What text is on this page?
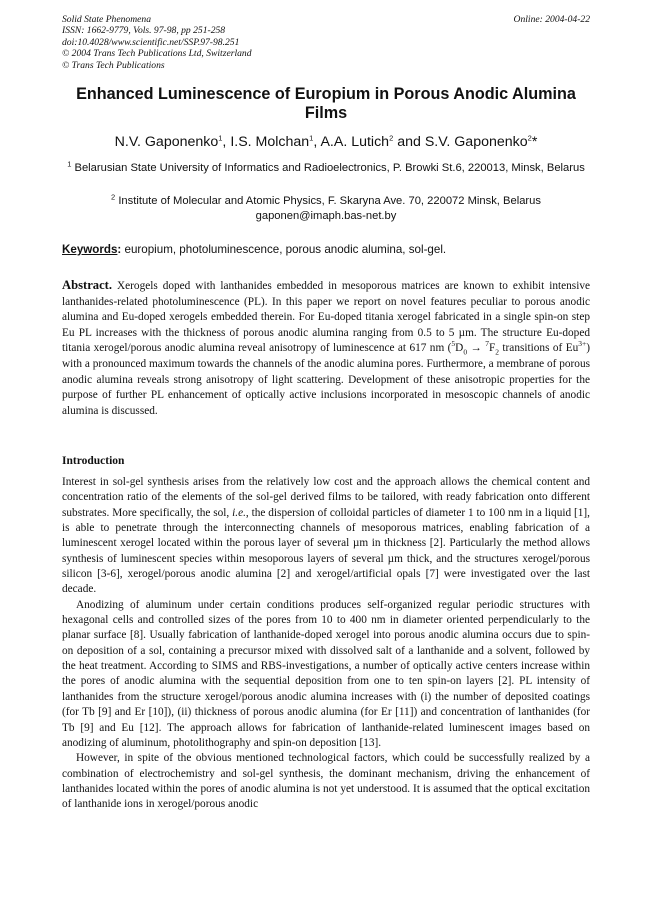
Solid State Phenomena
ISSN: 1662-9779, Vols. 97-98, pp 251-258
doi:10.4028/www.scientific.net/SSP.97-98.251
© 2004 Trans Tech Publications Ltd, Switzerland
© Trans Tech Publications
Online: 2004-04-22
Enhanced Luminescence of Europium in Porous Anodic Alumina Films
N.V. Gaponenko$^1$, I.S. Molchan$^1$, A.A. Lutich$^2$ and S.V. Gaponenko$^2$*
$^1$ Belarusian State University of Informatics and Radioelectronics, P. Browki St.6, 220013, Minsk, Belarus
$^2$ Institute of Molecular and Atomic Physics, F. Skaryna Ave. 70, 220072 Minsk, Belarus
gaponen@imaph.bas-net.by
Keywords: europium, photoluminescence, porous anodic alumina, sol-gel.
Abstract. Xerogels doped with lanthanides embedded in mesoporous matrices are known to exhibit intensive lanthanides-related photoluminescence (PL). In this paper we report on novel features peculiar to porous anodic alumina and Eu-doped xerogels embedded therein. For Eu-doped titania xerogel fabricated in a single spin-on step Eu PL increases with the thickness of porous anodic alumina ranging from 0.5 to 5 µm. The structure Eu-doped titania xerogel/porous anodic alumina reveal anisotropy of luminescence at 617 nm ($^5D_0 \to ^7F_2$ transitions of $Eu^{3+}$) with a pronounced maximum towards the channels of the anodic alumina pores. Furthermore, a membrane of porous anodic alumina reveals strong anisotropy of light scattering. Development of these anisotropic properties for the purpose of further PL enhancement of optically active inclusions incorporated in mesoscopic channels of anodic alumina is discussed.
Introduction

Interest in sol-gel synthesis arises from the relatively low cost and the approach allows the chemical content and concentration ratio of the elements of the sol-gel derived films to be tailored, with ready fabrication onto different substrates. More specifically, the sol, i.e., the dispersion of colloidal particles of diameter 1 to 100 nm in a liquid [1], is able to penetrate through the interconnecting channels of mesoporous matrices, enabling fabrication of a luminescent xerogel located within the porous layer of several µm in thickness [2]. Particularly the method allows synthesis of luminescent species within mesoporous layers of several µm thick, and the structures xerogel/porous silicon [3-6], xerogel/porous anodic alumina [2] and xerogel/artificial opals [7] were investigated over the last decade.

Anodizing of aluminum under certain conditions produces self-organized regular periodic structures with hexagonal cells and controlled sizes of the pores from 10 to 400 nm in diameter oriented perpendicularly to the planar surface [8]. Usually fabrication of lanthanide-doped xerogel into porous anodic alumina occurs due to spin-on deposition of a sol, containing a precursor mixed with dissolved salt of a lanthanide and a solvent, followed by the heat treatment. According to SIMS and RBS-investigations, a number of optically active centers increase within the pores of anodic alumina with the sequential deposition from one to ten spin-on layers [2]. PL intensity of lanthanides from the structure xerogel/porous anodic alumina increases with (i) the number of deposited coatings (for Tb [9] and Er [10]), (ii) thickness of porous anodic alumina (for Er [11]) and concentration of lanthanides (for Tb [9] and Eu [12]. The approach allows for fabrication of lanthanide-related luminescent images based on anodizing of aluminum, photolithography and spin-on deposition [13].

However, in spite of the obvious mentioned technological factors, which could be successfully realized by a combination of electrochemistry and sol-gel synthesis, the dominant mechanism, driving the enhancement of lanthanides located within the pores of anodic alumina is not yet understood. It is assumed that the optical excitation of lanthanide ions in xerogel/porous anodic
